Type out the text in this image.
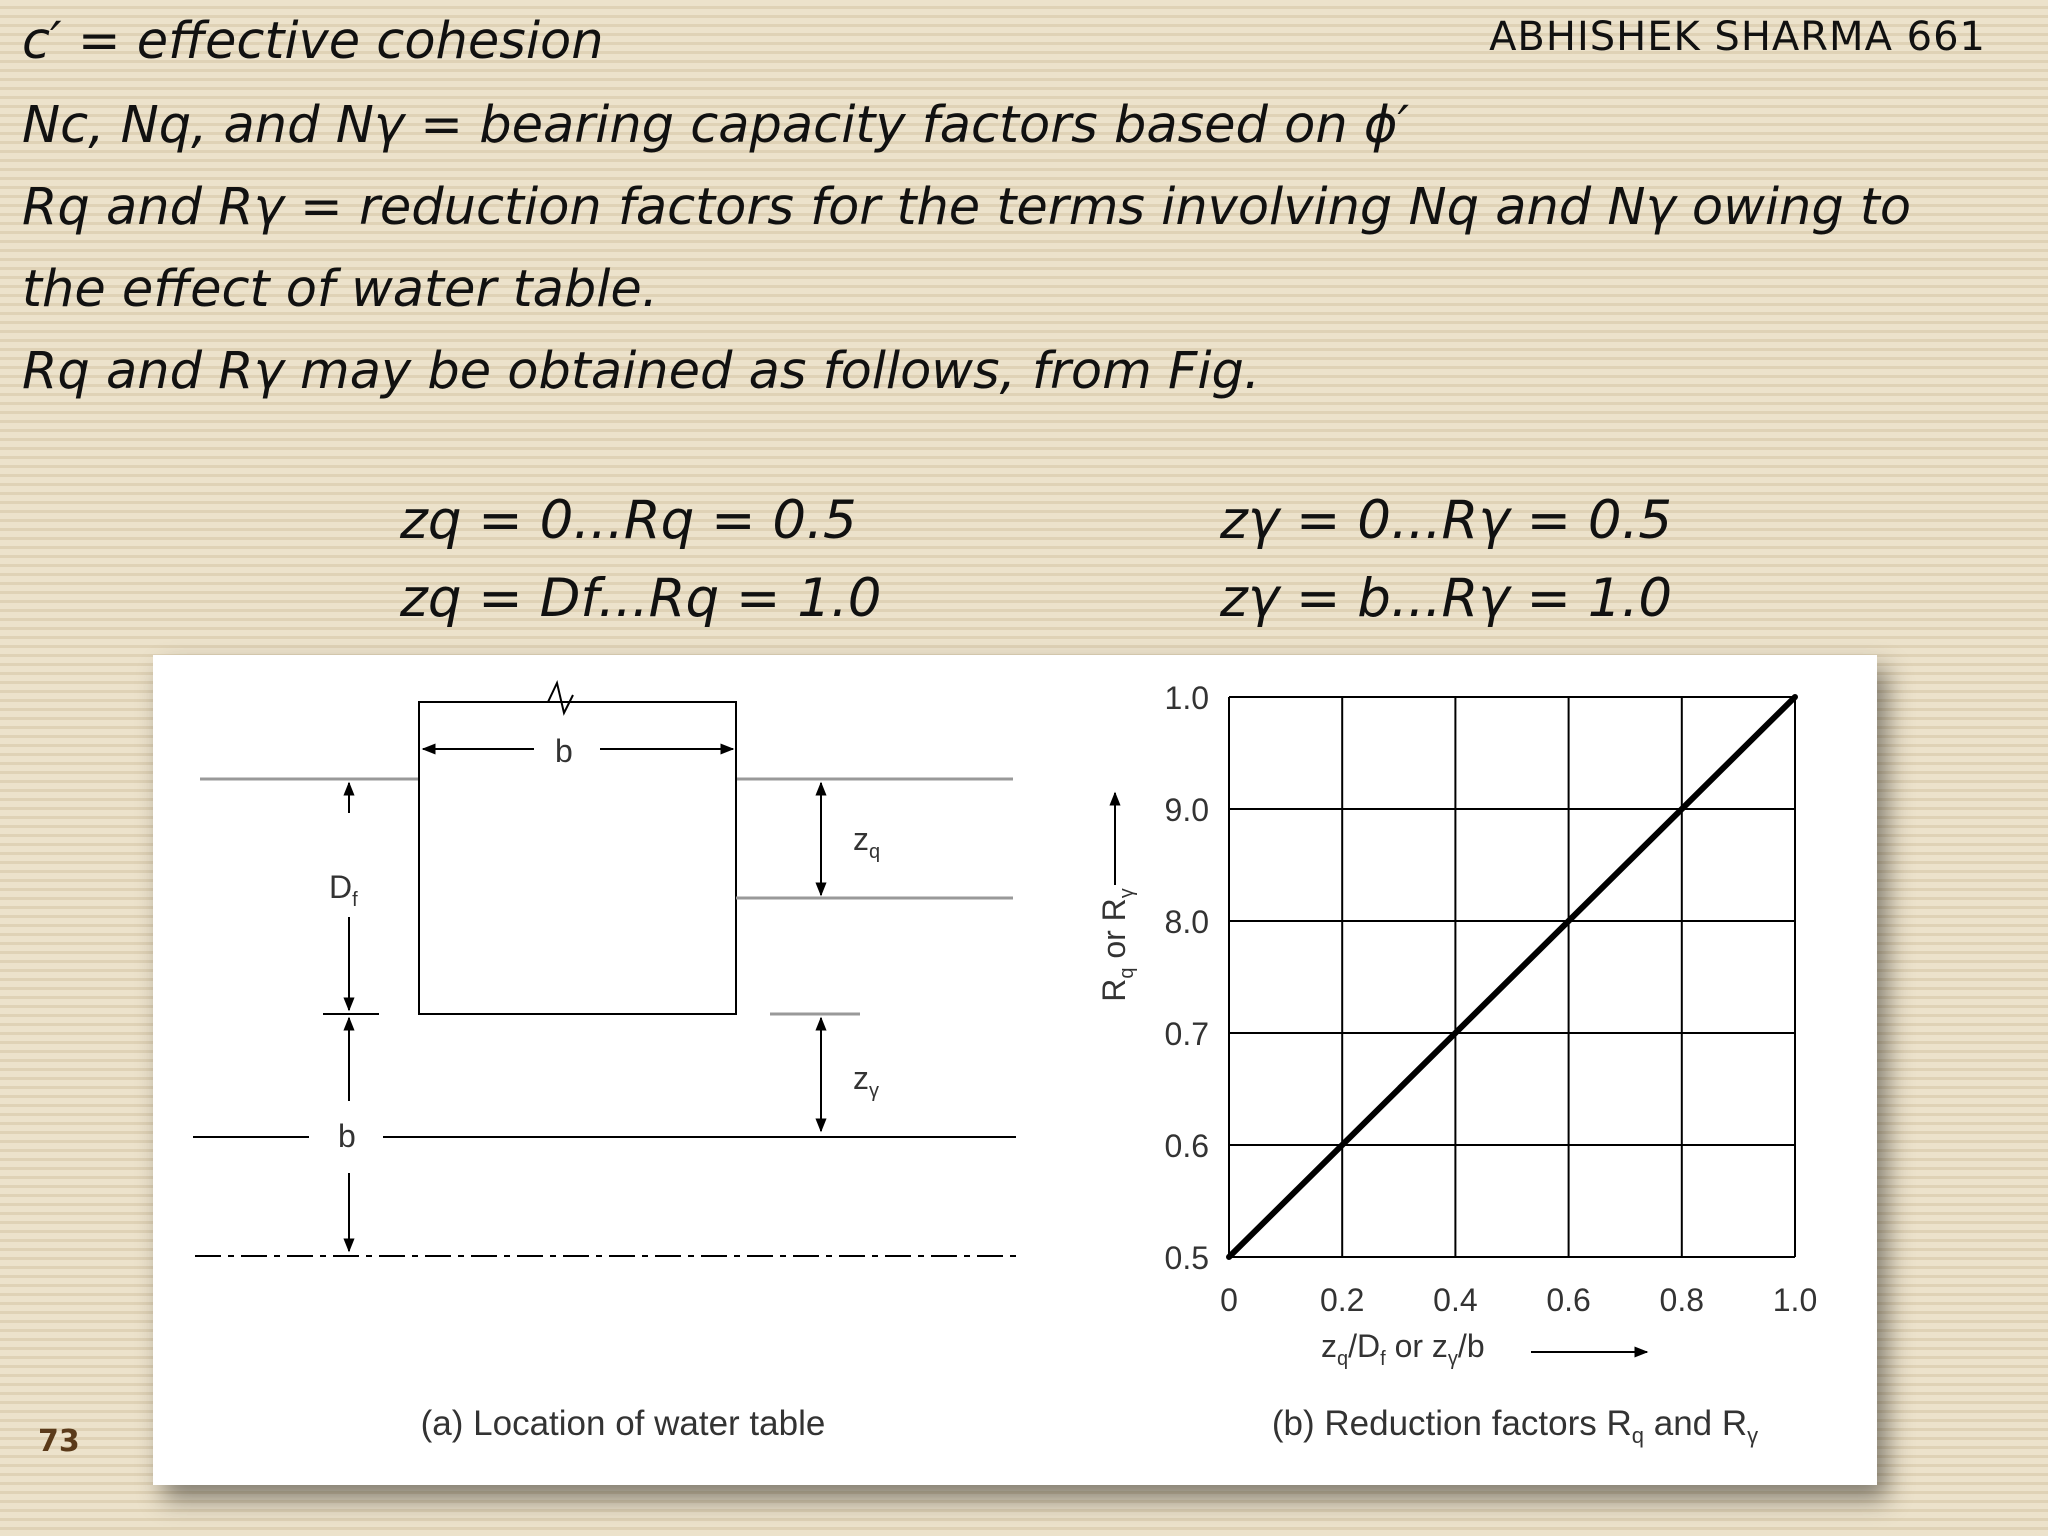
ABHISHEK SHARMA 661

c′ = effective cohesion

Nc, Nq, and Nγ = bearing capacity factors based on ϕ′

Rq and Rγ = reduction factors for the terms involving Nq and Nγ owing to

the effect of water table.

Rq and Rγ may be obtained as follows, from Fig.

zq = 0...Rq = 0.5

zq = Df...Rq = 1.0

zγ = 0...Rγ = 0.5

zγ = b...Rγ = 1.0

b
$D_f$
$z_q$
$z_\gamma$
b
(a) Location of water table
0	0.2 0.4 0.6 0.8 1.0
0.5
0.6
0.7
8.0
9.0
1.0
$R_q$ or $R_\gamma$
$z_q/D_f$ or $z_\gamma/b$
(b) Reduction factors $R_q$ and $R_\gamma$
73
